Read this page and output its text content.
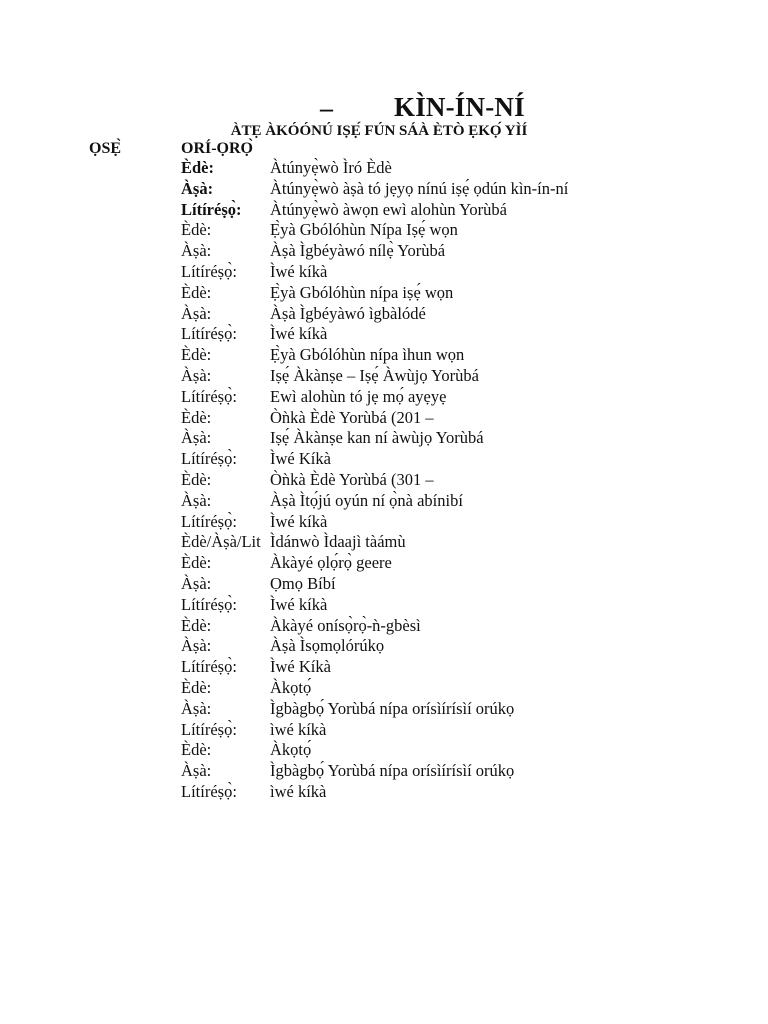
– KÌN-ÍN-NÍ
ÀTẸ ÀKÓÓNÚ IṢẸ́ FÚN SÁÀ ÈTÒ ẸKỌ́ YÌÍ
ỌSẸ̀	ORÍ-ỌRỌ̀
Èdè:	Àtúnyẹ̀wò Ìró Èdè
Àṣà:	Àtúnyẹ̀wò àṣà tó jẹyọ nínú iṣẹ́ ọdún kìn-ín-ní
Lítíréṣọ̀: Àtúnyẹ̀wò àwọn ewì alohùn Yorùbá
Èdè:	Ẹ̀yà Gbólóhùn Nípa Iṣẹ́ wọn
Àṣà:	Àṣà Ìgbéyàwó nílẹ̀ Yorùbá
Lítíréṣọ̀: Ìwé kíkà
Èdè:	Ẹ̀yà Gbólóhùn nípa iṣẹ́ wọn
Àṣà:	Àṣà Ìgbéyàwó ìgbàlódé
Lítíréṣọ̀: Ìwé kíkà
Èdè:	Ẹ̀yà Gbólóhùn nípa ìhun wọn
Àṣà:	Iṣẹ́ Àkànṣe – Iṣẹ́ Àwùjọ Yorùbá
Lítíréṣọ̀: Ewì alohùn tó jẹ mọ́ ayẹyẹ
Èdè:	Òǹkà Èdè Yorùbá (201 –
Àṣà:	Iṣẹ́ Àkànṣe kan ní àwùjọ Yorùbá
Lítíréṣọ̀: Ìwé Kíkà
Èdè:	Òǹkà Èdè Yorùbá (301 –
Àṣà:	Àṣà Ìtọ́jú oyún ní ọ̀nà abínibí
Lítíréṣọ̀: Ìwé kíkà
Èdè/Àṣà/Lit Ìdánwò Ìdaajì tàámù
Èdè:	Àkàyé ọlọ́rọ̀ geere
Àṣà:	Ọmọ Bíbí
Lítíréṣọ̀: Ìwé kíkà
Èdè:	Àkàyé onísọ̀rọ̀-ǹ-gbèsì
Àṣà:	Àṣà Ìsọmọlórúkọ
Lítíréṣọ̀: Ìwé Kíkà
Èdè:	Àkọtọ́
Àṣà:	Ìgbàgbọ́ Yorùbá nípa orísìírísìí orúkọ
Lítíréṣọ̀: ìwé kíkà
Èdè:	Àkọtọ́
Àṣà:	Ìgbàgbọ́ Yorùbá nípa orísìírísìí orúkọ
Lítíréṣọ̀: ìwé kíkà
